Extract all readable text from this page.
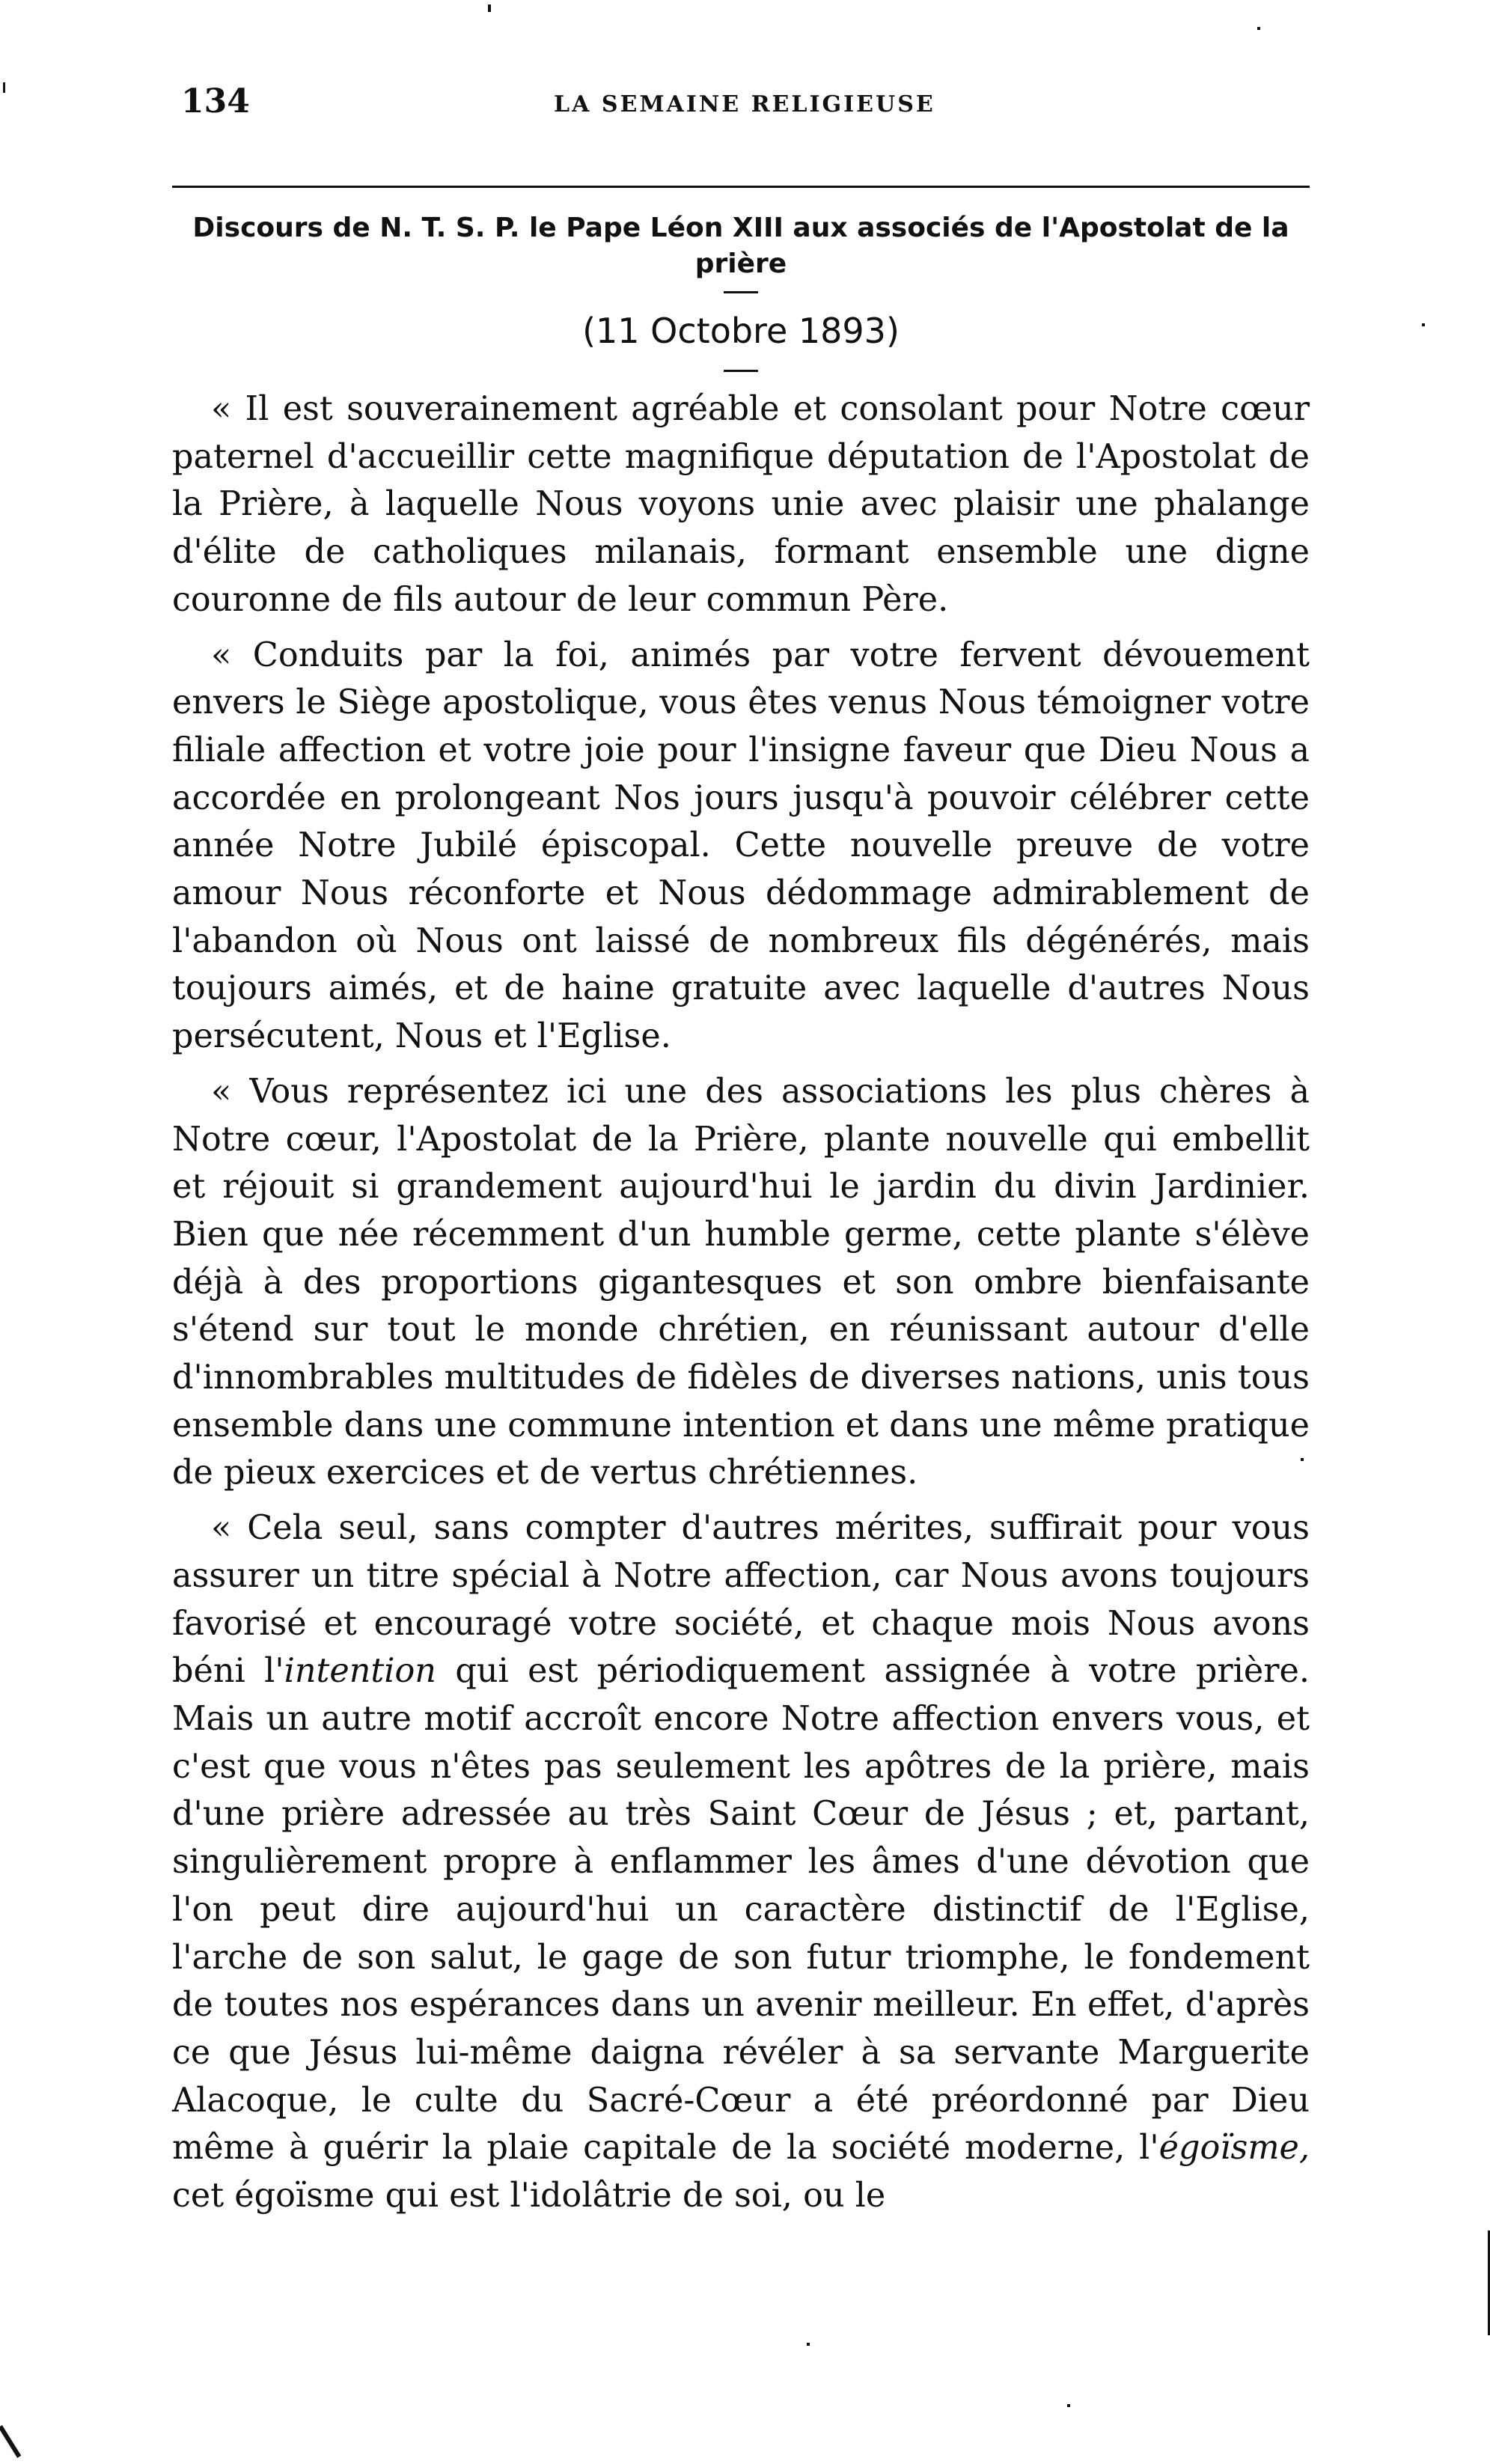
134	LA SEMAINE RELIGIEUSE
Discours de N. T. S. P. le Pape Léon XIII aux associés de l'Apostolat de la prière
(11 Octobre 1893)

« Il est souverainement agréable et consolant pour Notre cœur paternel d'accueillir cette magnifique députation de l'Apostolat de la Prière, à laquelle Nous voyons unie avec plaisir une phalange d'élite de catholiques milanais, formant ensemble une digne couronne de fils autour de leur commun Père.

« Conduits par la foi, animés par votre fervent dévouement envers le Siège apostolique, vous êtes venus Nous témoigner votre filiale affection et votre joie pour l'insigne faveur que Dieu Nous a accordée en prolongeant Nos jours jusqu'à pouvoir célébrer cette année Notre Jubilé épiscopal. Cette nouvelle preuve de votre amour Nous réconforte et Nous dédommage admirablement de l'abandon où Nous ont laissé de nombreux fils dégénérés, mais toujours aimés, et de haine gratuite avec laquelle d'autres Nous persécutent, Nous et l'Eglise.

« Vous représentez ici une des associations les plus chères à Notre cœur, l'Apostolat de la Prière, plante nouvelle qui embellit et réjouit si grandement aujourd'hui le jardin du divin Jardinier. Bien que née récemment d'un humble germe, cette plante s'élève déjà à des proportions gigantesques et son ombre bienfaisante s'étend sur tout le monde chrétien, en réunissant autour d'elle d'innombrables multitudes de fidèles de diverses nations, unis tous ensemble dans une commune intention et dans une même pratique de pieux exercices et de vertus chrétiennes.

« Cela seul, sans compter d'autres mérites, suffirait pour vous assurer un titre spécial à Notre affection, car Nous avons toujours favorisé et encouragé votre société, et chaque mois Nous avons béni l'intention qui est périodiquement assignée à votre prière. Mais un autre motif accroît encore Notre affection envers vous, et c'est que vous n'êtes pas seulement les apôtres de la prière, mais d'une prière adressée au très Saint Cœur de Jésus ; et, partant, singulièrement propre à enflammer les âmes d'une dévotion que l'on peut dire aujourd'hui un caractère distinctif de l'Eglise, l'arche de son salut, le gage de son futur triomphe, le fondement de toutes nos espérances dans un avenir meilleur. En effet, d'après ce que Jésus lui-même daigna révéler à sa servante Marguerite Alacoque, le culte du Sacré-Cœur a été préordonné par Dieu même à guérir la plaie capitale de la société moderne, l'égoïsme, cet égoïsme qui est l'idolâtrie de soi, ou le
